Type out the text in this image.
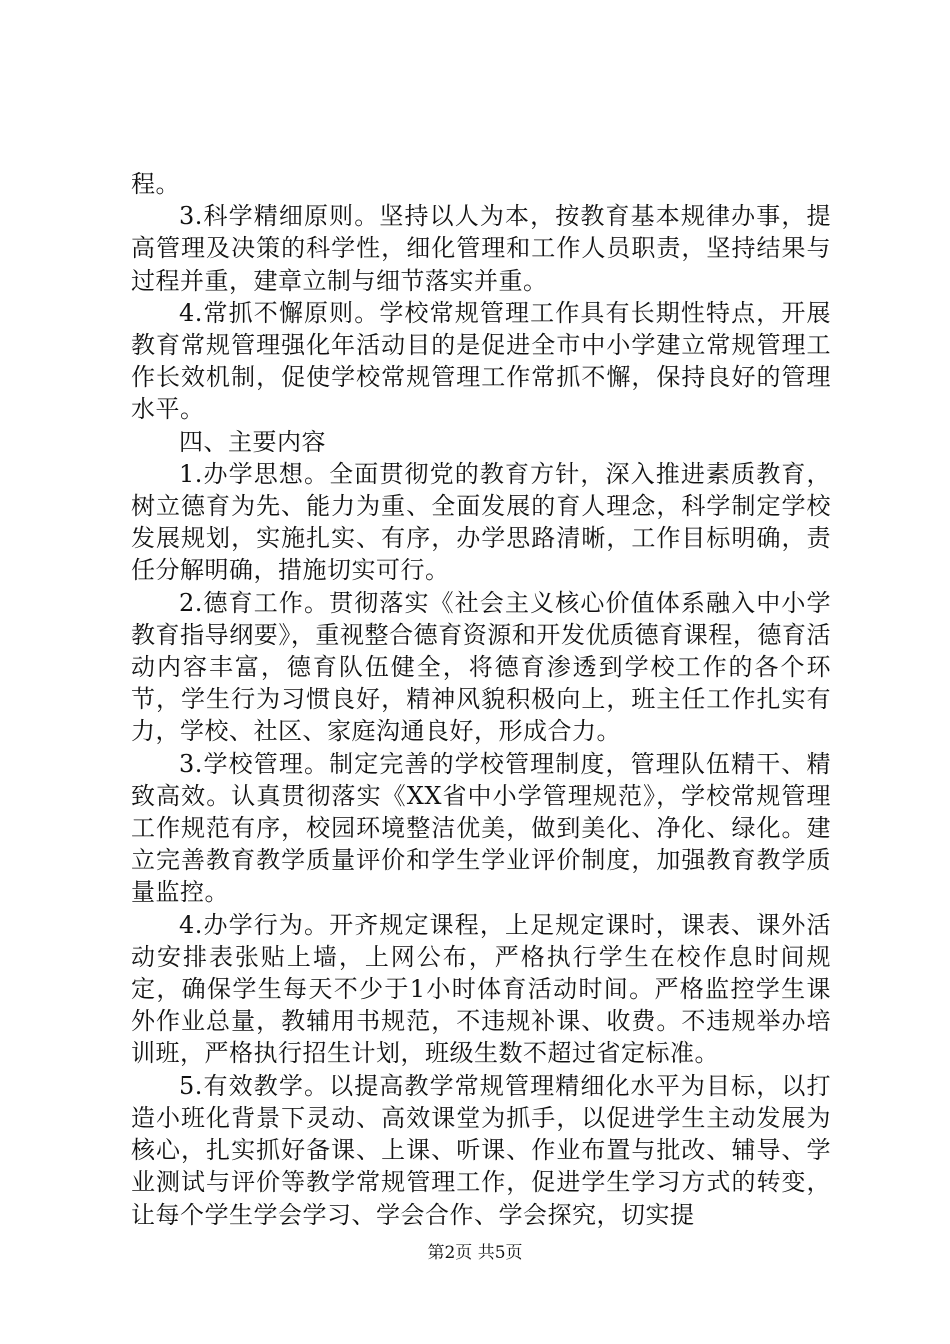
程。

3.科学精细原则。坚持以人为本，按教育基本规律办事，提高管理及决策的科学性，细化管理和工作人员职责，坚持结果与过程并重，建章立制与细节落实并重。

4.常抓不懈原则。学校常规管理工作具有长期性特点，开展教育常规管理强化年活动目的是促进全市中小学建立常规管理工作长效机制，促使学校常规管理工作常抓不懈，保持良好的管理水平。

四、主要内容

1.办学思想。全面贯彻党的教育方针，深入推进素质教育，树立德育为先、能力为重、全面发展的育人理念，科学制定学校发展规划，实施扎实、有序，办学思路清晰，工作目标明确，责任分解明确，措施切实可行。

2.德育工作。贯彻落实《社会主义核心价值体系融入中小学教育指导纲要》，重视整合德育资源和开发优质德育课程，德育活动内容丰富，德育队伍健全，将德育渗透到学校工作的各个环节，学生行为习惯良好，精神风貌积极向上，班主任工作扎实有力，学校、社区、家庭沟通良好，形成合力。

3.学校管理。制定完善的学校管理制度，管理队伍精干、精致高效。认真贯彻落实《XX省中小学管理规范》，学校常规管理工作规范有序，校园环境整洁优美，做到美化、净化、绿化。建立完善教育教学质量评价和学生学业评价制度，加强教育教学质量监控。

4.办学行为。开齐规定课程，上足规定课时，课表、课外活动安排表张贴上墙，上网公布，严格执行学生在校作息时间规定，确保学生每天不少于1小时体育活动时间。严格监控学生课外作业总量，教辅用书规范，不违规补课、收费。不违规举办培训班，严格执行招生计划，班级生数不超过省定标准。

5.有效教学。以提高教学常规管理精细化水平为目标，以打造小班化背景下灵动、高效课堂为抓手，以促进学生主动发展为核心，扎实抓好备课、上课、听课、作业布置与批改、辅导、学业测试与评价等教学常规管理工作，促进学生学习方式的转变，让每个学生学会学习、学会合作、学会探究，切实提

第2页 共5页
